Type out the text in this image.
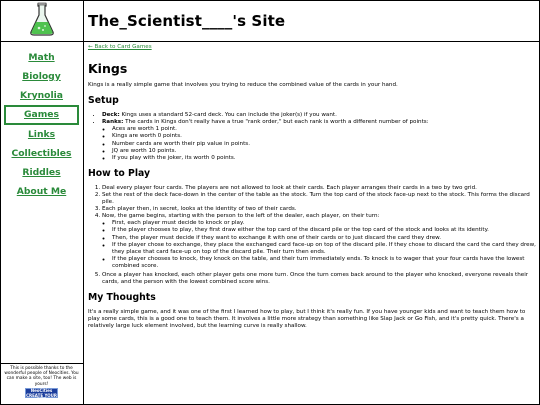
The_Scientist____'s Site
Math
Biology
Krynolia
Games
Links
Collectibles
Riddles
About Me
This is possible thanks to the wonderful people of Neocities. You can make a site, too! The web is yours!
NeoCities
CREATE YOUR SITE
← Back to Card Games
Kings

Kings is a really simple game that involves you trying to reduce the combined value of the cards in your hand.

Setup
• Deck: Kings uses a standard 52-card deck. You can include the joker(s) if you want.
• Ranks: The cards in Kings don't really have a true "rank order," but each rank is worth a different number of points:
◦ Aces are worth 1 point.
◦ Kings are worth 0 points.
◦ Number cards are worth their pip value in points.
◦ JQ are worth 10 points.
◦ If you play with the joker, its worth 0 points.
How to Play
1. Deal every player four cards. The players are not allowed to look at their cards. Each player arranges their cards in a two by two grid.
2. Set the rest of the deck face-down in the center of the table as the stock. Turn the top card of the stock face-up next to the stock. This forms the discard pile.
3. Each player then, in secret, looks at the identity of two of their cards.
4. Now, the game begins, starting with the person to the left of the dealer, each player, on their turn:
◦ First, each player must decide to knock or play.
◦ If the player chooses to play, they first draw either the top card of the discard pile or the top card of the stock and looks at its identity.
◦ Then, the player must decide if they want to exchange it with one of their cards or to just discard the card they drew.
◦ If the player chose to exchange, they place the exchanged card face-up on top of the discard pile. If they chose to discard the card the card they drew, they place that card face-up on top of the discard pile. Their turn then ends.
◦ If the player chooses to knock, they knock on the table, and their turn immediately ends. To knock is to wager that your four cards have the lowest combined score.
5. Once a player has knocked, each other player gets one more turn. Once the turn comes back around to the player who knocked, everyone reveals their cards, and the person with the lowest combined score wins.
My Thoughts

It's a really simple game, and it was one of the first I learned how to play, but I think it's really fun. If you have younger kids and want to teach them how to play some cards, this is a good one to teach them. It involves a little more strategy than something like Slap Jack or Go Fish, and it's pretty quick. There's a relatively large luck element involved, but the learning curve is really shallow.
